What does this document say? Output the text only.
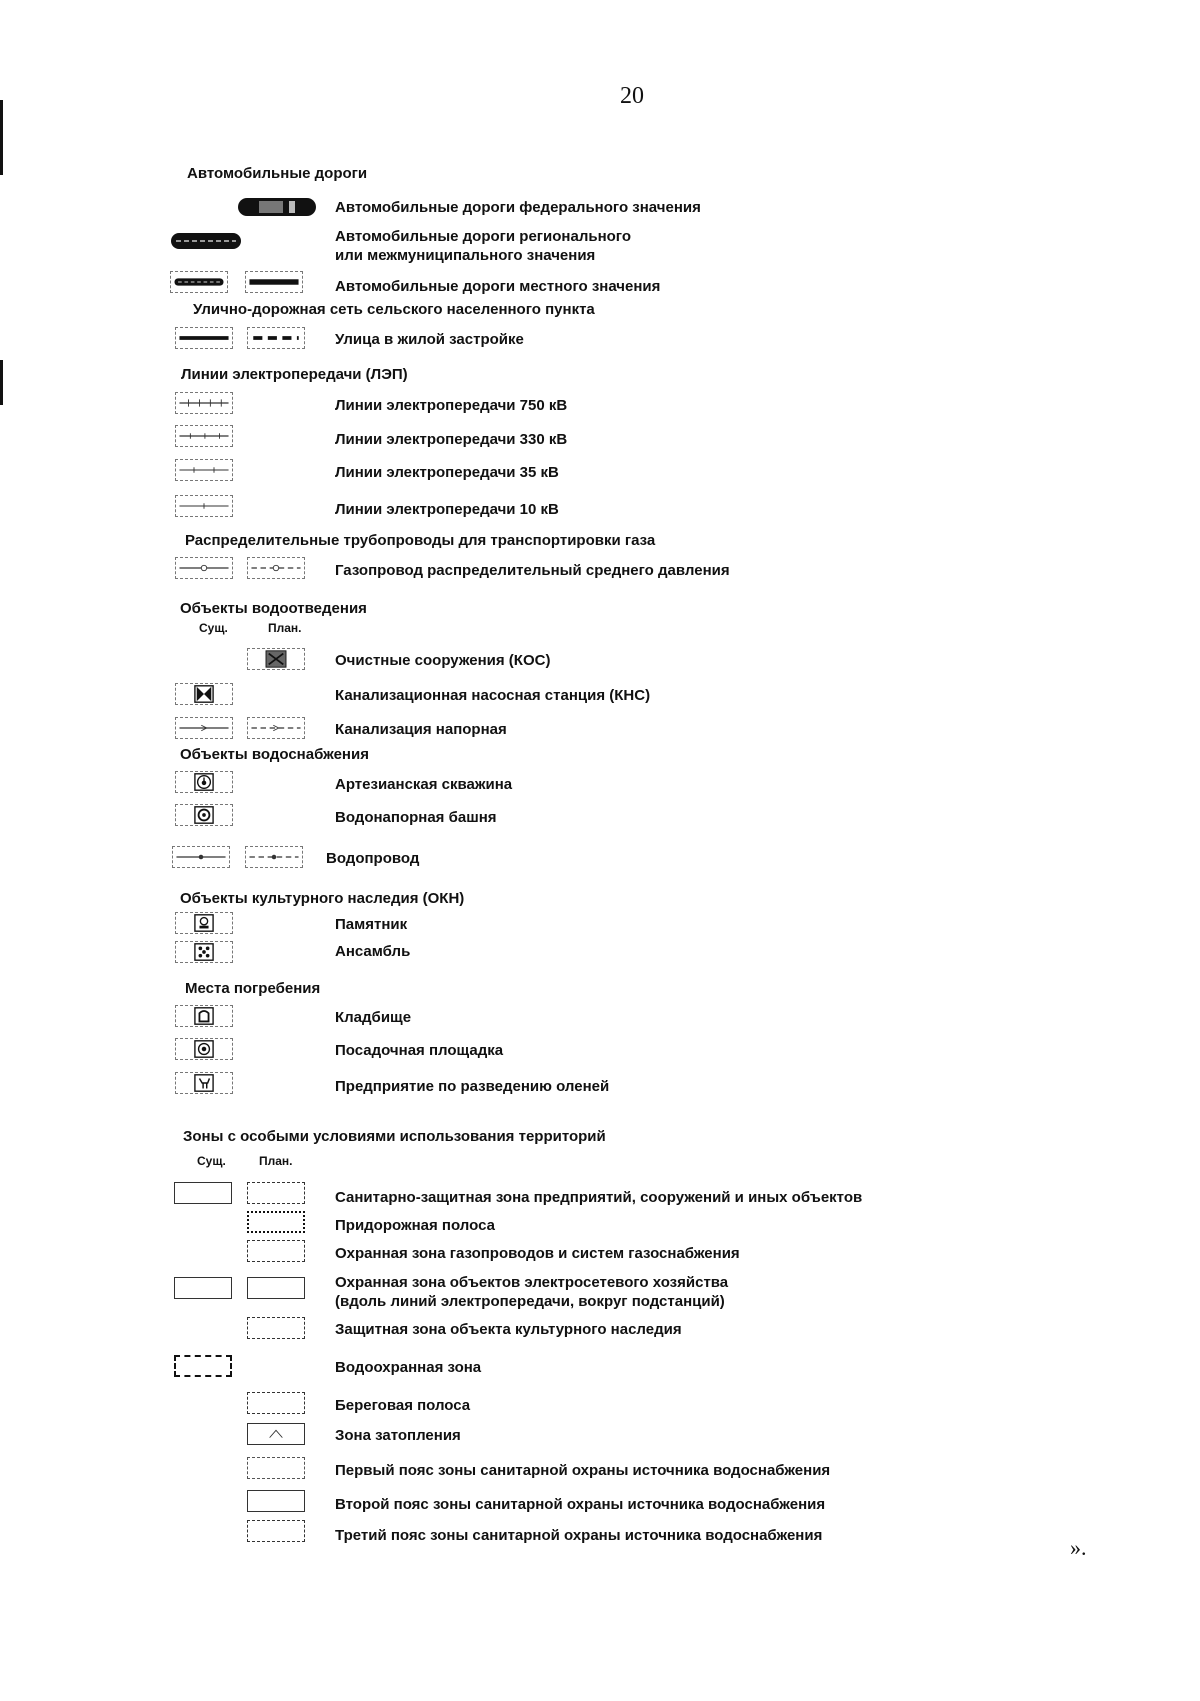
20
Автомобильные дороги
Автомобильные дороги федерального значения
Автомобильные дороги регионального
или межмуниципального значения
Автомобильные дороги местного значения
Улично-дорожная сеть сельского населенного пункта
Улица в жилой застройке
Линии электропередачи (ЛЭП)
Линии электропередачи 750 кВ
Линии электропередачи 330 кВ
Линии электропередачи 35 кВ
Линии электропередачи 10 кВ
Распределительные трубопроводы для транспортировки газа
Газопровод распределительный среднего давления
Объекты водоотведения
Сущ.	План.
Очистные сооружения (КОС)
Канализационная насосная станция (КНС)
Канализация напорная
Объекты водоснабжения
Артезианская скважина
Водонапорная башня
Водопровод
Объекты культурного наследия (ОКН)
Памятник
Ансамбль
Места погребения
Кладбище
Посадочная площадка
Предприятие по разведению оленей
Зоны с особыми условиями использования территорий
Сущ.	План.
Санитарно-защитная зона предприятий, сооружений и иных объектов
Придорожная полоса
Охранная зона газопроводов и систем газоснабжения
Охранная зона объектов электросетевого хозяйства
(вдоль линий электропередачи, вокруг подстанций)
Защитная зона объекта культурного наследия
Водоохранная зона
Береговая полоса
Зона затопления
Первый пояс зоны санитарной охраны источника водоснабжения
Второй пояс зоны санитарной охраны источника водоснабжения
Третий пояс зоны санитарной охраны источника водоснабжения	».
